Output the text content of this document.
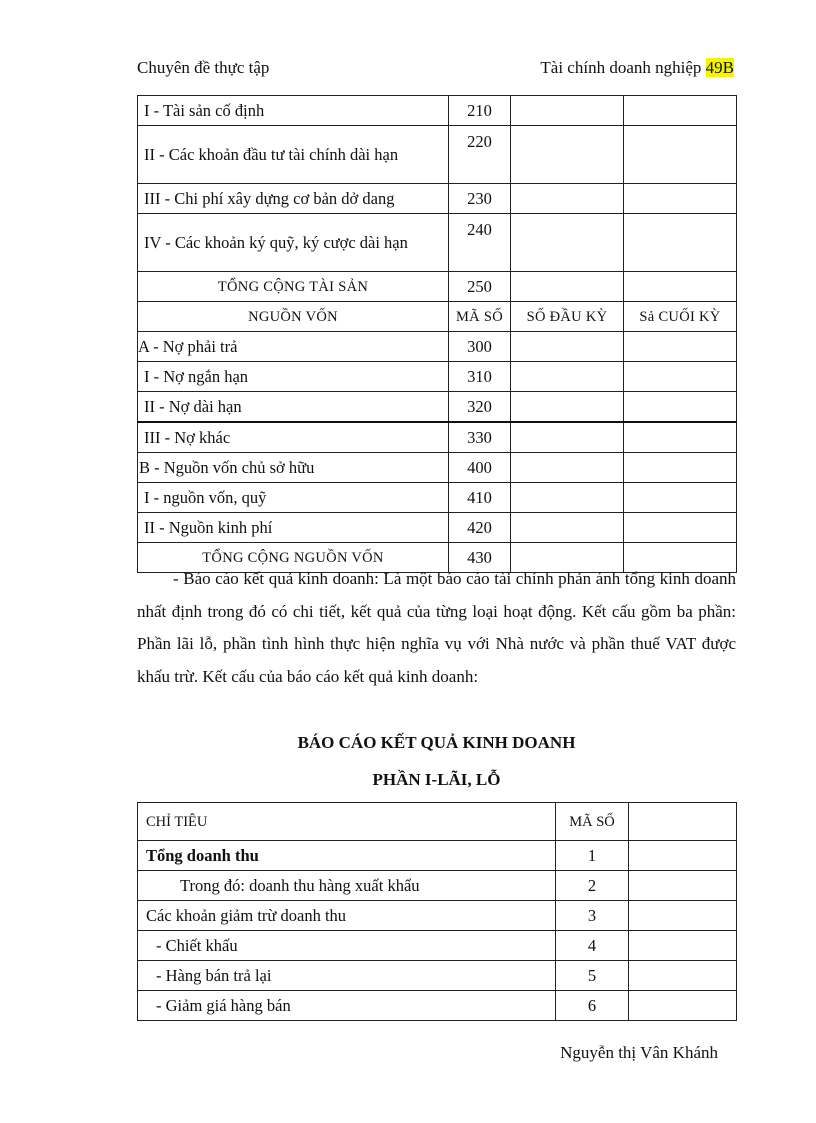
Chuyên đề thực tập	Tài chính doanh nghiệp 49B
I - Tài sản cố định	210		
II - Các khoản đầu tư tài chính dài hạn	220		
III - Chi phí xây dựng cơ bản dở dang	230		
IV - Các khoản ký quỹ, ký cược dài hạn	240		
TỔNG CỘNG TÀI SẢN	250		
NGUỒN VỐN	MÃ SỐ	SỐ ĐẦU KỲ	Sả CUỐI KỲ
A - Nợ phải trả	300		
I - Nợ ngắn hạn	310		
II - Nợ dài hạn	320		
III - Nợ khác	330		
B - Nguồn vốn chủ sở hữu	400		
I - nguồn vốn, quỹ	410		
II - Nguồn kinh phí	420		
TỔNG CỘNG NGUỒN VỐN	430		
- Báo cáo kết quả kinh doanh: Là một báo cáo tài chính phản ánh tổng kinh doanh nhất định trong đó có chi tiết, kết quả của từng loại hoạt động. Kết cấu gồm ba phần: Phần lãi lỗ, phần tình hình thực hiện nghĩa vụ với Nhà nước và phần thuế VAT được khấu trừ. Kết cấu của báo cáo kết quả kinh doanh:
BÁO CÁO KẾT QUẢ KINH DOANH
PHẦN I-LÃI, LỖ
CHỈ TIÊU	MÃ SỐ	
Tổng doanh thu	1	
Trong đó: doanh thu hàng xuất khẩu	2	
Các khoản giảm trừ doanh thu	3	
- Chiết khấu	4	
- Hàng bán trả lại	5	
- Giảm giá hàng bán	6	
Nguyễn thị Vân Khánh
